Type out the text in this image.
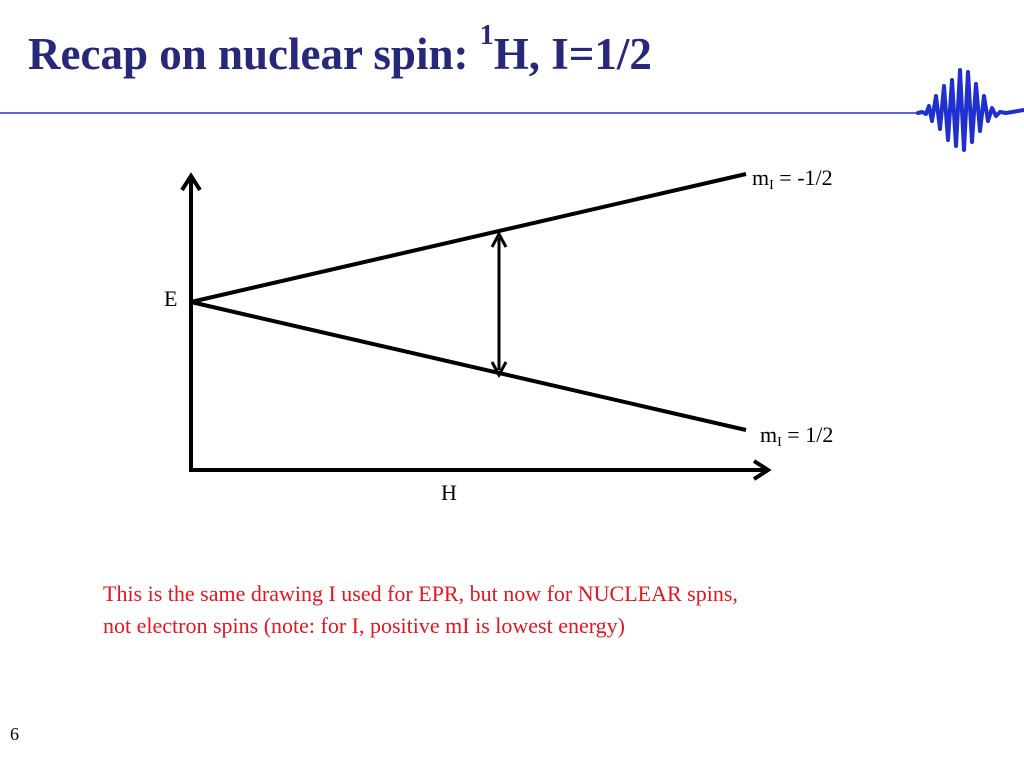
Recap on nuclear spin: $^1$H, I=1/2
E
H
$m_I = -1/2$
$m_I = 1/2$

This is the same drawing I used for EPR, but now for NUCLEAR spins,
not electron spins (note: for I, positive mI is lowest energy)

6
